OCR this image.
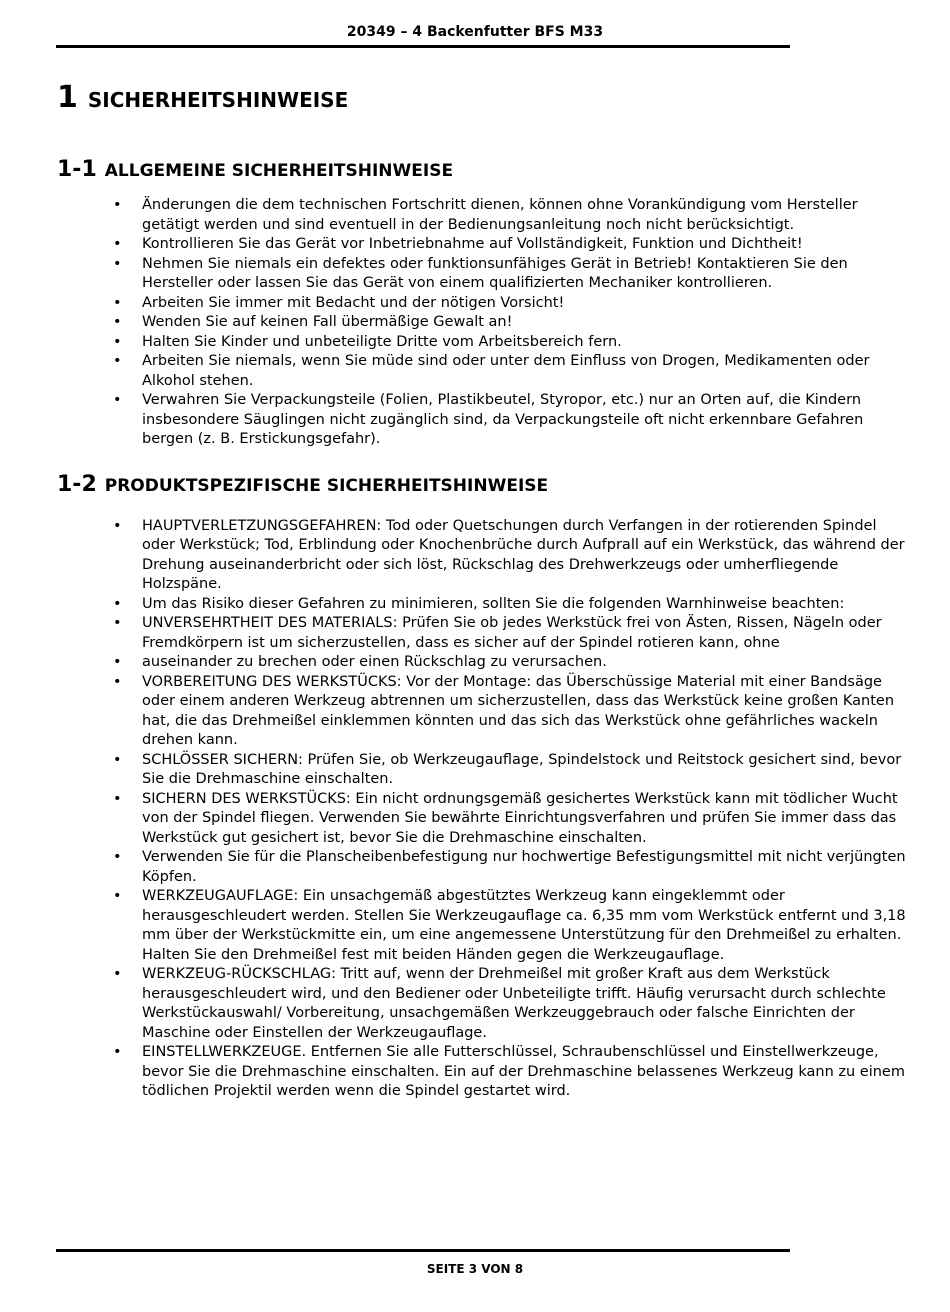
20349 – 4 Backenfutter BFS M33
1 SICHERHEITSHINWEISE
1-1 ALLGEMEINE SICHERHEITSHINWEISE
• Änderungen die dem technischen Fortschritt dienen, können ohne Vorankündigung vom Hersteller getätigt werden und sind eventuell in der Bedienungsanleitung noch nicht berücksichtigt.
• Kontrollieren Sie das Gerät vor Inbetriebnahme auf Vollständigkeit, Funktion und Dichtheit!
• Nehmen Sie niemals ein defektes oder funktionsunfähiges Gerät in Betrieb! Kontaktieren Sie den Hersteller oder lassen Sie das Gerät von einem qualifizierten Mechaniker kontrollieren.
• Arbeiten Sie immer mit Bedacht und der nötigen Vorsicht!
• Wenden Sie auf keinen Fall übermäßige Gewalt an!
• Halten Sie Kinder und unbeteiligte Dritte vom Arbeitsbereich fern.
• Arbeiten Sie niemals, wenn Sie müde sind oder unter dem Einfluss von Drogen, Medikamenten oder Alkohol stehen.
• Verwahren Sie Verpackungsteile (Folien, Plastikbeutel, Styropor, etc.) nur an Orten auf, die Kindern insbesondere Säuglingen nicht zugänglich sind, da Verpackungsteile oft nicht erkennbare Gefahren bergen (z. B. Erstickungsgefahr).
1-2 PRODUKTSPEZIFISCHE SICHERHEITSHINWEISE
• HAUPTVERLETZUNGSGEFAHREN: Tod oder Quetschungen durch Verfangen in der rotierenden Spindel oder Werkstück; Tod, Erblindung oder Knochenbrüche durch Aufprall auf ein Werkstück, das während der Drehung auseinanderbricht oder sich löst, Rückschlag des Drehwerkzeugs oder umherfliegende Holzspäne.
• Um das Risiko dieser Gefahren zu minimieren, sollten Sie die folgenden Warnhinweise beachten:
• UNVERSEHRTHEIT DES MATERIALS: Prüfen Sie ob jedes Werkstück frei von Ästen, Rissen, Nägeln oder Fremdkörpern ist um sicherzustellen, dass es sicher auf der Spindel rotieren kann, ohne
• auseinander zu brechen oder einen Rückschlag zu verursachen.
• VORBEREITUNG DES WERKSTÜCKS: Vor der Montage: das Überschüssige Material mit einer Bandsäge oder einem anderen Werkzeug abtrennen um sicherzustellen, dass das Werkstück keine großen Kanten hat, die das Drehmeißel einklemmen könnten und das sich das Werkstück ohne gefährliches wackeln drehen kann.
• SCHLÖSSER SICHERN: Prüfen Sie, ob Werkzeugauflage, Spindelstock und Reitstock gesichert sind, bevor Sie die Drehmaschine einschalten.
• SICHERN DES WERKSTÜCKS: Ein nicht ordnungsgemäß gesichertes Werkstück kann mit tödlicher Wucht von der Spindel fliegen. Verwenden Sie bewährte Einrichtungsverfahren und prüfen Sie immer dass das Werkstück gut gesichert ist, bevor Sie die Drehmaschine einschalten.
• Verwenden Sie für die Planscheibenbefestigung nur hochwertige Befestigungsmittel mit nicht verjüngten Köpfen.
• WERKZEUGAUFLAGE: Ein unsachgemäß abgestütztes Werkzeug kann eingeklemmt oder herausgeschleudert werden. Stellen Sie Werkzeugauflage ca. 6,35 mm vom Werkstück entfernt und 3,18 mm über der Werkstückmitte ein, um eine angemessene Unterstützung für den Drehmeißel zu erhalten. Halten Sie den Drehmeißel fest mit beiden Händen gegen die Werkzeugauflage.
• WERKZEUG-RÜCKSCHLAG: Tritt auf, wenn der Drehmeißel mit großer Kraft aus dem Werkstück herausgeschleudert wird, und den Bediener oder Unbeteiligte trifft. Häufig verursacht durch schlechte Werkstückauswahl/ Vorbereitung, unsachgemäßen Werkzeuggebrauch oder falsche Einrichten der Maschine oder Einstellen der Werkzeugauflage.
• EINSTELLWERKZEUGE. Entfernen Sie alle Futterschlüssel, Schraubenschlüssel und Einstellwerkzeuge, bevor Sie die Drehmaschine einschalten. Ein auf der Drehmaschine belassenes Werkzeug kann zu einem tödlichen Projektil werden wenn die Spindel gestartet wird.
SEITE 3 VON 8
